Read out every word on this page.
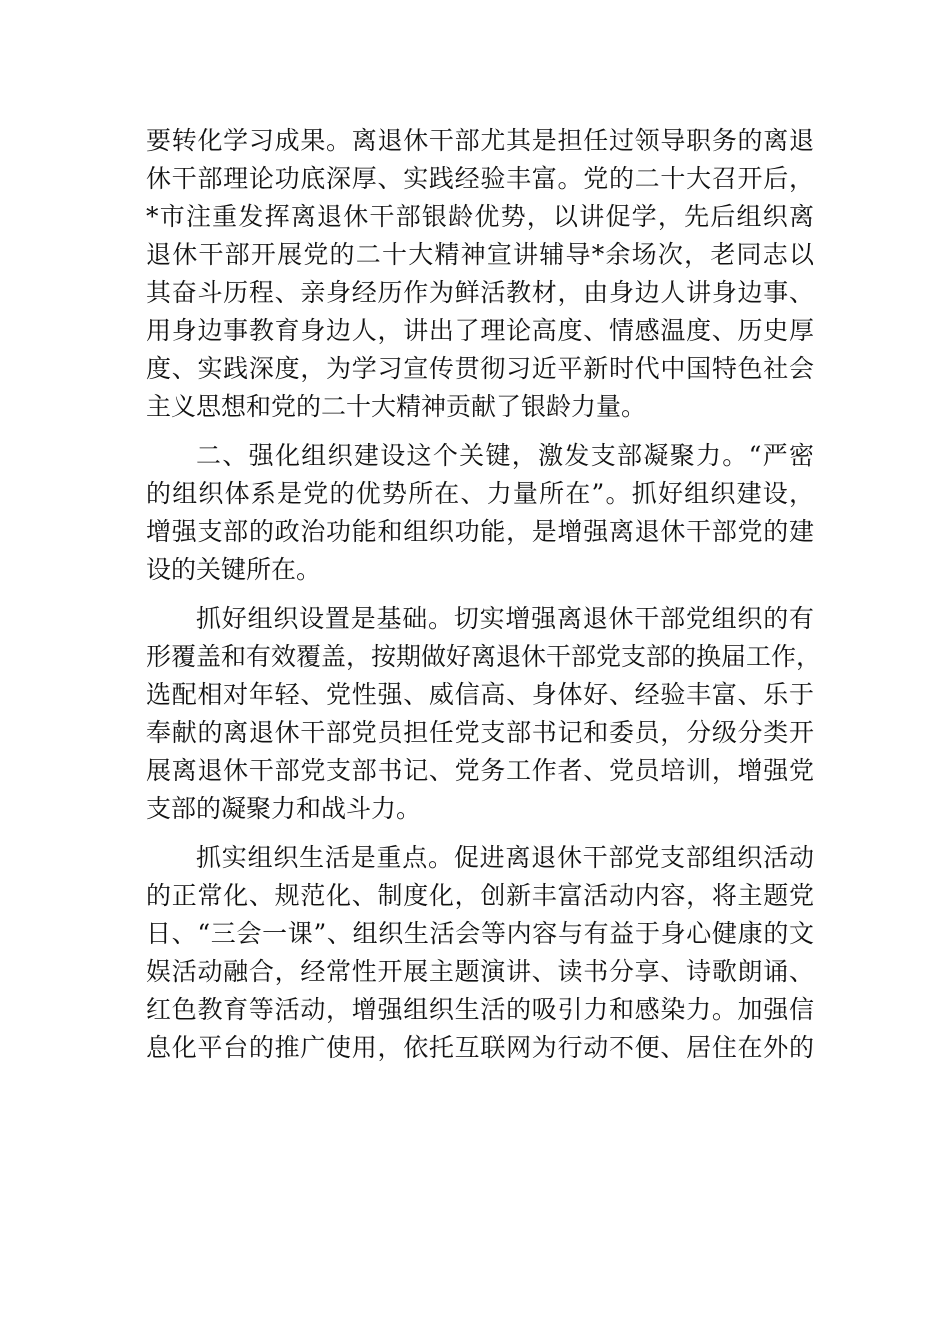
要转化学习成果。离退休干部尤其是担任过领导职务的离退
休干部理论功底深厚、实践经验丰富。党的二十大召开后，
*市注重发挥离退休干部银龄优势，以讲促学，先后组织离
退休干部开展党的二十大精神宣讲辅导*余场次，老同志以
其奋斗历程、亲身经历作为鲜活教材，由身边人讲身边事、
用身边事教育身边人，讲出了理论高度、情感温度、历史厚
度、实践深度，为学习宣传贯彻习近平新时代中国特色社会
主义思想和党的二十大精神贡献了银龄力量。
二、强化组织建设这个关键，激发支部凝聚力。“严密
的组织体系是党的优势所在、力量所在”。抓好组织建设，
增强支部的政治功能和组织功能，是增强离退休干部党的建
设的关键所在。
抓好组织设置是基础。切实增强离退休干部党组织的有
形覆盖和有效覆盖，按期做好离退休干部党支部的换届工作，
选配相对年轻、党性强、威信高、身体好、经验丰富、乐于
奉献的离退休干部党员担任党支部书记和委员，分级分类开
展离退休干部党支部书记、党务工作者、党员培训，增强党
支部的凝聚力和战斗力。
抓实组织生活是重点。促进离退休干部党支部组织活动
的正常化、规范化、制度化，创新丰富活动内容，将主题党
日、“三会一课”、组织生活会等内容与有益于身心健康的文
娱活动融合，经常性开展主题演讲、读书分享、诗歌朗诵、
红色教育等活动，增强组织生活的吸引力和感染力。加强信
息化平台的推广使用，依托互联网为行动不便、居住在外的
